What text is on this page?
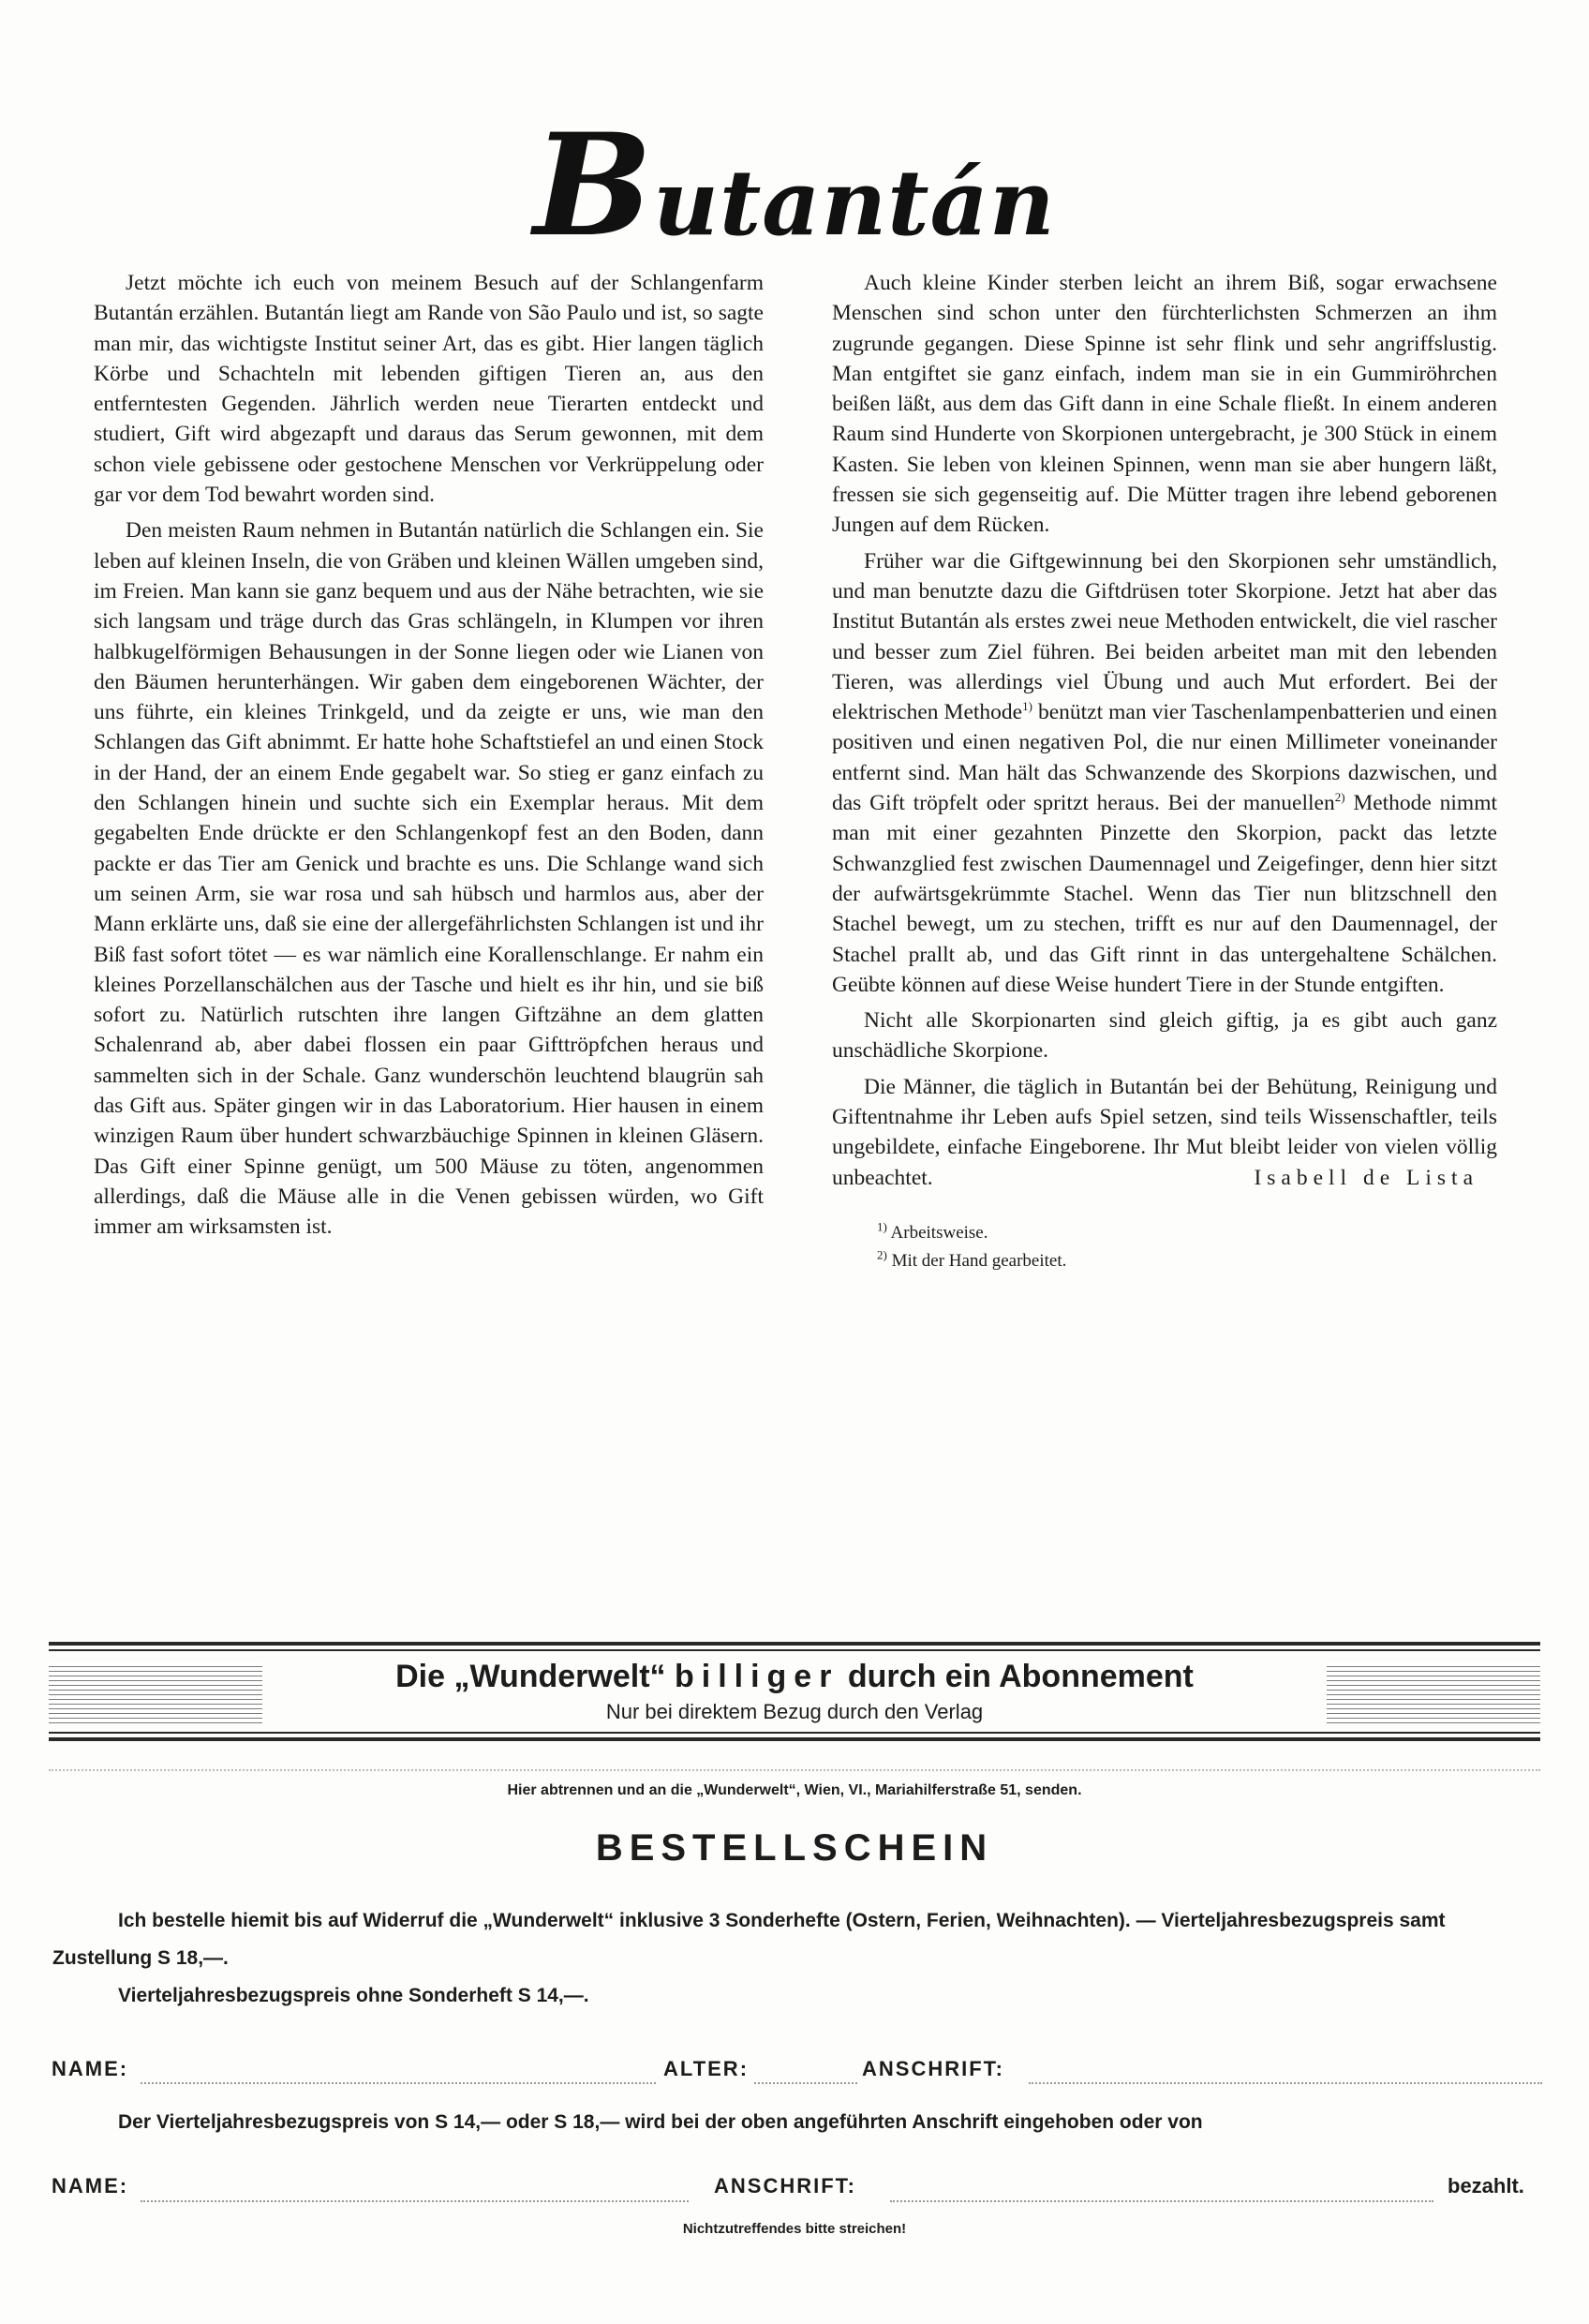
Butantán

Jetzt möchte ich euch von meinem Besuch auf der Schlangenfarm Butantán erzählen. Butantán liegt am Rande von São Paulo und ist, so sagte man mir, das wichtigste Institut seiner Art, das es gibt. Hier langen täglich Körbe und Schachteln mit lebenden giftigen Tieren an, aus den entferntesten Gegenden. Jährlich werden neue Tierarten entdeckt und studiert, Gift wird abgezapft und daraus das Serum gewonnen, mit dem schon viele gebissene oder gestochene Menschen vor Verkrüppelung oder gar vor dem Tod bewahrt worden sind.

Den meisten Raum nehmen in Butantán natürlich die Schlangen ein. Sie leben auf kleinen Inseln, die von Gräben und kleinen Wällen umgeben sind, im Freien. Man kann sie ganz bequem und aus der Nähe betrachten, wie sie sich langsam und träge durch das Gras schlängeln, in Klumpen vor ihren halbkugelförmigen Behausungen in der Sonne liegen oder wie Lianen von den Bäumen herunterhängen. Wir gaben dem eingeborenen Wächter, der uns führte, ein kleines Trinkgeld, und da zeigte er uns, wie man den Schlangen das Gift abnimmt. Er hatte hohe Schaftstiefel an und einen Stock in der Hand, der an einem Ende gegabelt war. So stieg er ganz einfach zu den Schlangen hinein und suchte sich ein Exemplar heraus. Mit dem gegabelten Ende drückte er den Schlangenkopf fest an den Boden, dann packte er das Tier am Genick und brachte es uns. Die Schlange wand sich um seinen Arm, sie war rosa und sah hübsch und harmlos aus, aber der Mann erklärte uns, daß sie eine der allergefährlichsten Schlangen ist und ihr Biß fast sofort tötet — es war nämlich eine Korallenschlange. Er nahm ein kleines Porzellanschälchen aus der Tasche und hielt es ihr hin, und sie biß sofort zu. Natürlich rutschten ihre langen Giftzähne an dem glatten Schalenrand ab, aber dabei flossen ein paar Gifttröpfchen heraus und sammelten sich in der Schale. Ganz wunderschön leuchtend blaugrün sah das Gift aus. Später gingen wir in das Laboratorium. Hier hausen in einem winzigen Raum über hundert schwarzbäuchige Spinnen in kleinen Gläsern. Das Gift einer Spinne genügt, um 500 Mäuse zu töten, angenommen allerdings, daß die Mäuse alle in die Venen gebissen würden, wo Gift immer am wirksamsten ist.

Auch kleine Kinder sterben leicht an ihrem Biß, sogar erwachsene Menschen sind schon unter den fürchterlichsten Schmerzen an ihm zugrunde gegangen. Diese Spinne ist sehr flink und sehr angriffslustig. Man entgiftet sie ganz einfach, indem man sie in ein Gummiröhrchen beißen läßt, aus dem das Gift dann in eine Schale fließt. In einem anderen Raum sind Hunderte von Skorpionen untergebracht, je 300 Stück in einem Kasten. Sie leben von kleinen Spinnen, wenn man sie aber hungern läßt, fressen sie sich gegenseitig auf. Die Mütter tragen ihre lebend geborenen Jungen auf dem Rücken.

Früher war die Giftgewinnung bei den Skorpionen sehr umständlich, und man benutzte dazu die Giftdrüsen toter Skorpione. Jetzt hat aber das Institut Butantán als erstes zwei neue Methoden entwickelt, die viel rascher und besser zum Ziel führen. Bei beiden arbeitet man mit den lebenden Tieren, was allerdings viel Übung und auch Mut erfordert. Bei der elektrischen Methode$^{1)}$ benützt man vier Taschenlampenbatterien und einen positiven und einen negativen Pol, die nur einen Millimeter voneinander entfernt sind. Man hält das Schwanzende des Skorpions dazwischen, und das Gift tröpfelt oder spritzt heraus. Bei der manuellen$^{2)}$ Methode nimmt man mit einer gezahnten Pinzette den Skorpion, packt das letzte Schwanzglied fest zwischen Daumennagel und Zeigefinger, denn hier sitzt der aufwärtsgekrümmte Stachel. Wenn das Tier nun blitzschnell den Stachel bewegt, um zu stechen, trifft es nur auf den Daumennagel, der Stachel prallt ab, und das Gift rinnt in das untergehaltene Schälchen. Geübte können auf diese Weise hundert Tiere in der Stunde entgiften.

Nicht alle Skorpionarten sind gleich giftig, ja es gibt auch ganz unschädliche Skorpione.

Die Männer, die täglich in Butantán bei der Behütung, Reinigung und Giftentnahme ihr Leben aufs Spiel setzen, sind teils Wissenschaftler, teils ungebildete, einfache Eingeborene. Ihr Mut bleibt leider von vielen völlig unbeachtet.	Isabell de Lista

$^{1)}$ Arbeitsweise.
$^{2)}$ Mit der Hand gearbeitet.
Die „Wunderwelt“ billiger durch ein Abonnement
Nur bei direktem Bezug durch den Verlag
Hier abtrennen und an die „Wunderwelt“, Wien, VI., Mariahilferstraße 51, senden.
BESTELLSCHEIN
Ich bestelle hiemit bis auf Widerruf die „Wunderwelt“ inklusive 3 Sonderhefte (Ostern, Ferien, Weihnachten). — Vierteljahresbezugspreis samt Zustellung S 18,—.
Vierteljahresbezugspreis ohne Sonderheft S 14,—.
NAME:	ALTER:	ANSCHRIFT:
Der Vierteljahresbezugspreis von S 14,— oder S 18,— wird bei der oben angeführten Anschrift eingehoben oder von
NAME:	ANSCHRIFT:	bezahlt.
Nichtzutreffendes bitte streichen!
